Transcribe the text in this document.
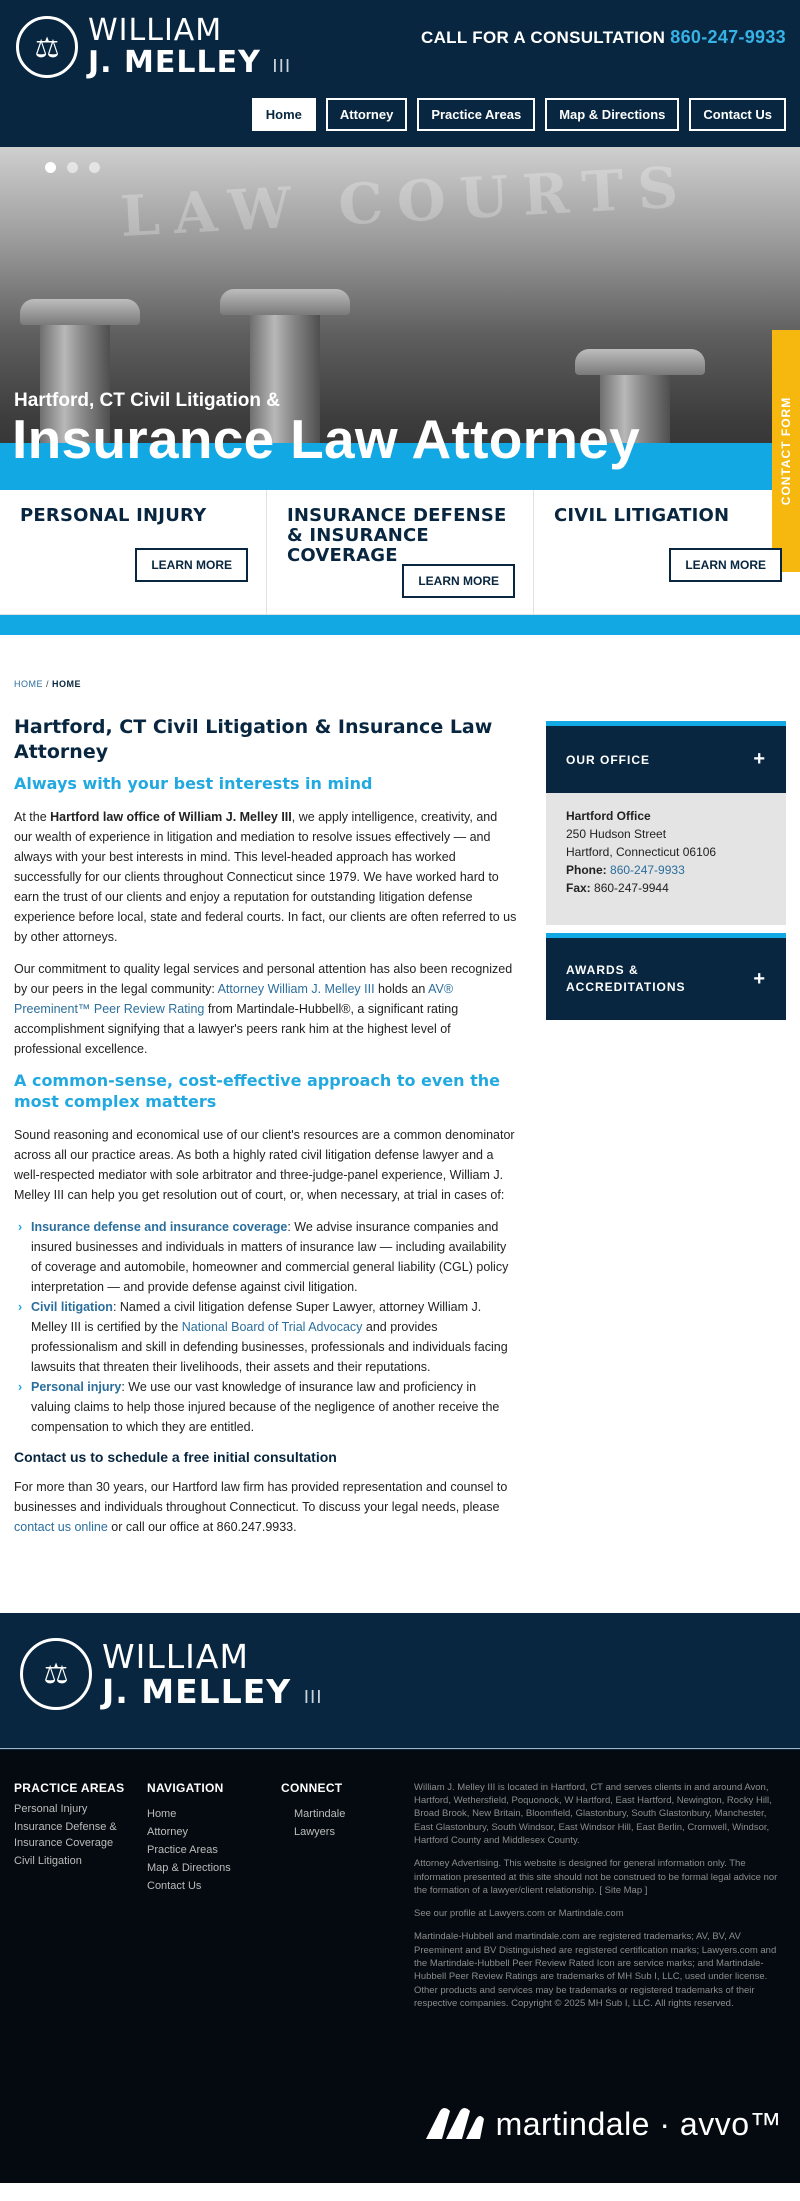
⚖ WILLIAM
J. MELLEY III
CALL FOR A CONSULTATION 860-247-9933
Home	Attorney	Practice Areas	Map & Directions	Contact Us
LAW COURTS
Hartford, CT Civil Litigation &
Insurance Law Attorney	CONTACT FORM
PERSONAL INJURY
LEARN MORE
INSURANCE DEFENSE & INSURANCE COVERAGE
LEARN MORE
CIVIL LITIGATION
LEARN MORE
HOME / HOME
Hartford, CT Civil Litigation & Insurance Law Attorney
Always with your best interests in mind

At the Hartford law office of William J. Melley III, we apply intelligence, creativity, and our wealth of experience in litigation and mediation to resolve issues effectively — and always with your best interests in mind. This level-headed approach has worked successfully for our clients throughout Connecticut since 1979. We have worked hard to earn the trust of our clients and enjoy a reputation for outstanding litigation defense experience before local, state and federal courts. In fact, our clients are often referred to us by other attorneys.

Our commitment to quality legal services and personal attention has also been recognized by our peers in the legal community: Attorney William J. Melley III holds an AV® Preeminent™ Peer Review Rating from Martindale-Hubbell®, a significant rating accomplishment signifying that a lawyer's peers rank him at the highest level of professional excellence.

A common-sense, cost-effective approach to even the most complex matters

Sound reasoning and economical use of our client's resources are a common denominator across all our practice areas. As both a highly rated civil litigation defense lawyer and a well-respected mediator with sole arbitrator and three-judge-panel experience, William J. Melley III can help you get resolution out of court, or, when necessary, at trial in cases of:

› Insurance defense and insurance coverage: We advise insurance companies and insured businesses and individuals in matters of insurance law — including availability of coverage and automobile, homeowner and commercial general liability (CGL) policy interpretation — and provide defense against civil litigation.
› Civil litigation: Named a civil litigation defense Super Lawyer, attorney William J. Melley III is certified by the National Board of Trial Advocacy and provides professionalism and skill in defending businesses, professionals and individuals facing lawsuits that threaten their livelihoods, their assets and their reputations.
› Personal injury: We use our vast knowledge of insurance law and proficiency in valuing claims to help those injured because of the negligence of another receive the compensation to which they are entitled.
Contact us to schedule a free initial consultation

For more than 30 years, our Hartford law firm has provided representation and counsel to businesses and individuals throughout Connecticut. To discuss your legal needs, please contact us online or call our office at 860.247.9933.

OUR OFFICE	+
Hartford Office
250 Hudson Street
Hartford, Connecticut 06106
Phone: 860-247-9933
Fax: 860-247-9944
AWARDS & ACCREDITATIONS	+
⚖	WILLIAM
J. MELLEY III
PRACTICE AREAS
Personal Injury
Insurance Defense & Insurance Coverage
Civil Litigation
NAVIGATION
Home
Attorney
Practice Areas
Map & Directions
Contact Us
CONNECT
Martindale
Lawyers

William J. Melley III is located in Hartford, CT and serves clients in and around Avon, Hartford, Wethersfield, Poquonock, W Hartford, East Hartford, Newington, Rocky Hill, Broad Brook, New Britain, Bloomfield, Glastonbury, South Glastonbury, Manchester, East Glastonbury, South Windsor, East Windsor Hill, East Berlin, Cromwell, Windsor, Hartford County and Middlesex County.

Attorney Advertising. This website is designed for general information only. The information presented at this site should not be construed to be formal legal advice nor the formation of a lawyer/client relationship. [ Site Map ]

See our profile at Lawyers.com or Martindale.com

Martindale-Hubbell and martindale.com are registered trademarks; AV, BV, AV Preeminent and BV Distinguished are registered certification marks; Lawyers.com and the Martindale-Hubbell Peer Review Rated Icon are service marks; and Martindale-Hubbell Peer Review Ratings are trademarks of MH Sub I, LLC, used under license. Other products and services may be trademarks or registered trademarks of their respective companies. Copyright © 2025 MH Sub I, LLC. All rights reserved.

martindale · avvo™
